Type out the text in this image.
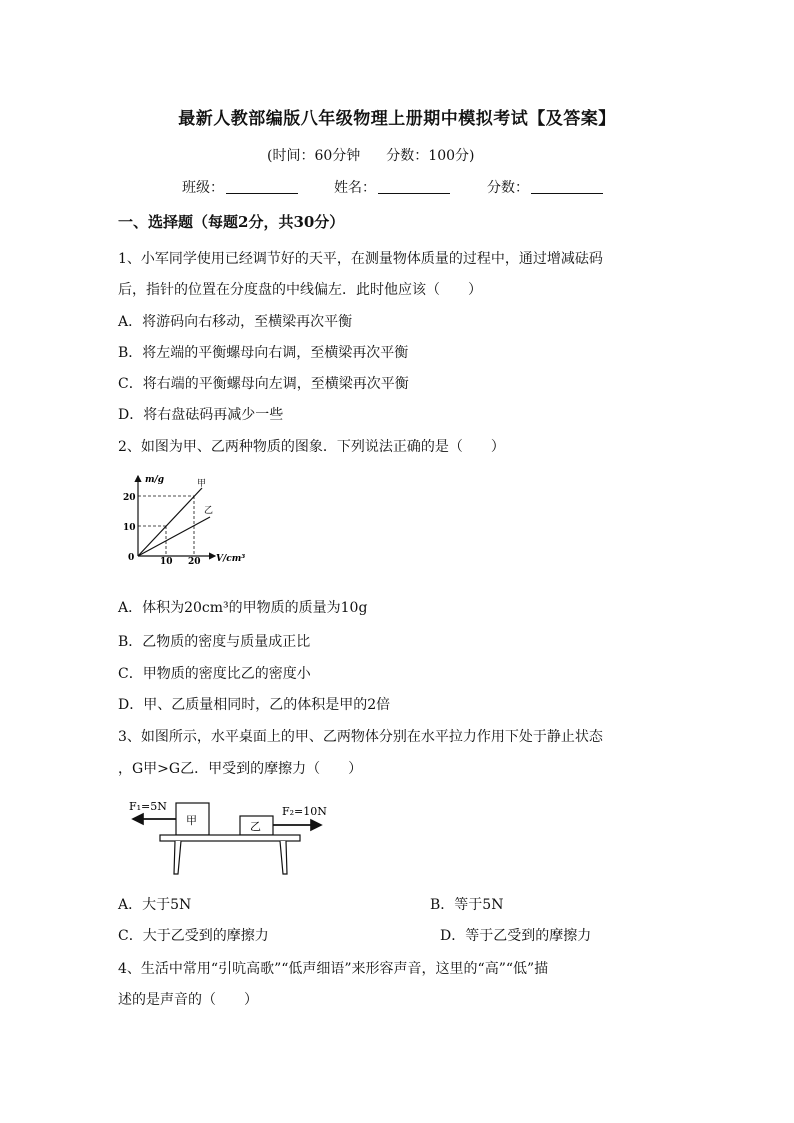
最新人教部编版八年级物理上册期中模拟考试【及答案】
(时间：60分钟 分数：100分)
班级：	姓名：	分数：
一、选择题（每题2分，共30分）
1、小军同学使用已经调节好的天平，在测量物体质量的过程中，通过增减砝码
后，指针的位置在分度盘的中线偏左．此时他应该（　　）
A．将游码向右移动，至横梁再次平衡
B．将左端的平衡螺母向右调，至横梁再次平衡
C．将右端的平衡螺母向左调，至横梁再次平衡
D．将右盘砝码再减少一些
2、如图为甲、乙两种物质的图象．下列说法正确的是（　　）
m/g
V/cm³
20
10
10 20
0
甲
乙
A．体积为20cm³的甲物质的质量为10g
B．乙物质的密度与质量成正比
C．甲物质的密度比乙的密度小
D．甲、乙质量相同时，乙的体积是甲的2倍
3、如图所示，水平桌面上的甲、乙两物体分别在水平拉力作用下处于静止状态
，G甲>G乙．甲受到的摩擦力（　　）
甲	乙
F₁=5N	F₂=10N
A．大于5N	B．等于5N
C．大于乙受到的摩擦力	D．等于乙受到的摩擦力
4、生活中常用“引吭高歌”“低声细语”来形容声音，这里的“高”“低”描
述的是声音的（　　）
